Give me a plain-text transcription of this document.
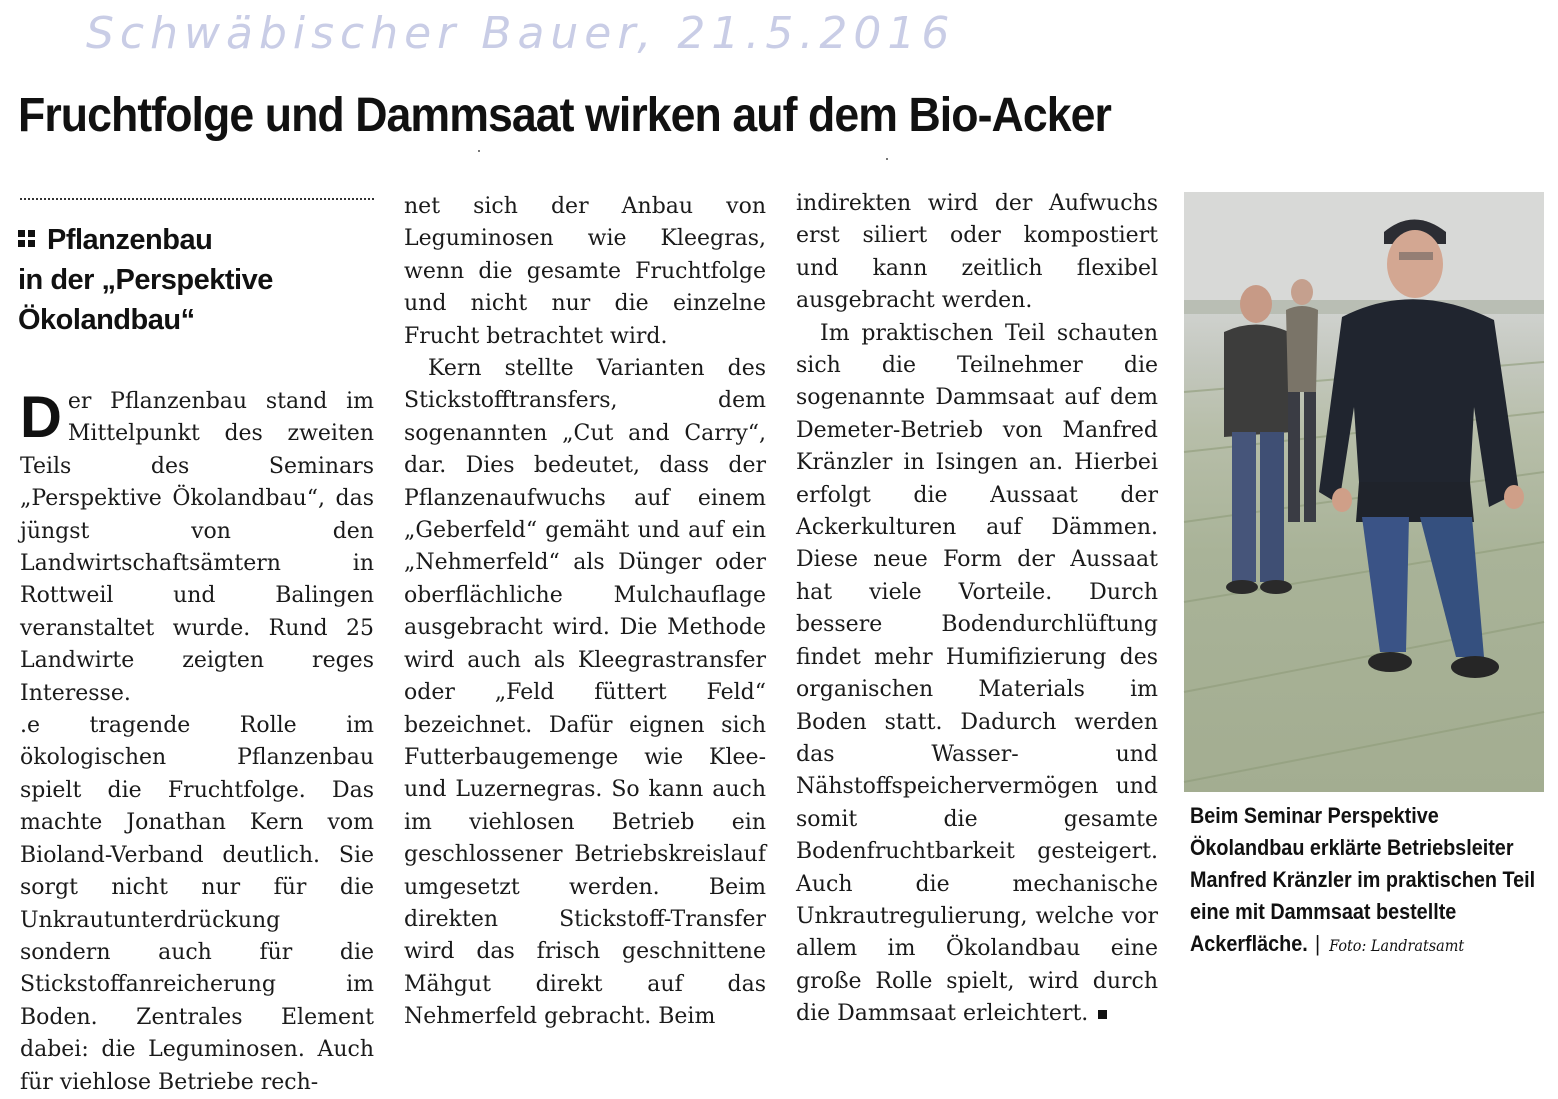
Schwäbischer Bauer, 21.5.2016
Fruchtfolge und Dammsaat wirken auf dem Bio-Acker
Pflanzenbau
in der „Perspektive
Ökolandbau“

Der Pflanzenbau stand im Mittelpunkt des zweiten Teils des Seminars „Perspektive Ökolandbau“, das jüngst von den Landwirtschaftsämtern in Rottweil und Balingen veranstaltet wurde. Rund 25 Landwirte zeigten reges Interesse.

.e tragende Rolle im ökologischen Pflanzenbau spielt die Fruchtfolge. Das machte Jonathan Kern vom Bioland-Verband deutlich. Sie sorgt nicht nur für die Unkrautunterdrückung sondern auch für die Stickstoffanreicherung im Boden. Zentrales Element dabei: die Leguminosen. Auch für viehlose Betriebe rech-

net sich der Anbau von Leguminosen wie Kleegras, wenn die gesamte Fruchtfolge und nicht nur die einzelne Frucht betrachtet wird.

Kern stellte Varianten des Stickstofftransfers, dem sogenannten „Cut and Carry“, dar. Dies bedeutet, dass der Pflanzenaufwuchs auf einem „Geberfeld“ gemäht und auf ein „Nehmerfeld“ als Dünger oder oberflächliche Mulchauflage ausgebracht wird. Die Methode wird auch als Kleegrastransfer oder „Feld füttert Feld“ bezeichnet. Dafür eignen sich Futterbaugemenge wie Klee- und Luzernegras. So kann auch im viehlosen Betrieb ein geschlossener Betriebskreislauf umgesetzt werden. Beim direkten Stickstoff-Transfer wird das frisch geschnittene Mähgut direkt auf das Nehmerfeld gebracht. Beim

indirekten wird der Aufwuchs erst siliert oder kompostiert und kann zeitlich flexibel ausgebracht werden.

Im praktischen Teil schauten sich die Teilnehmer die sogenannte Dammsaat auf dem Demeter-Betrieb von Manfred Kränzler in Isingen an. Hierbei erfolgt die Aussaat der Ackerkulturen auf Dämmen. Diese neue Form der Aussaat hat viele Vorteile. Durch bessere Bodendurchlüftung findet mehr Humifizierung des organischen Materials im Boden statt. Dadurch werden das Wasser- und Nähstoffspeichervermögen und somit die gesamte Bodenfruchtbarkeit gesteigert. Auch die mechanische Unkrautregulierung, welche vor allem im Ökolandbau eine große Rolle spielt, wird durch die Dammsaat erleichtert.

Beim Seminar Perspektive Ökolandbau erklärte Betriebsleiter Manfred Kränzler im praktischen Teil eine mit Dammsaat bestellte Ackerfläche. | Foto: Landratsamt
